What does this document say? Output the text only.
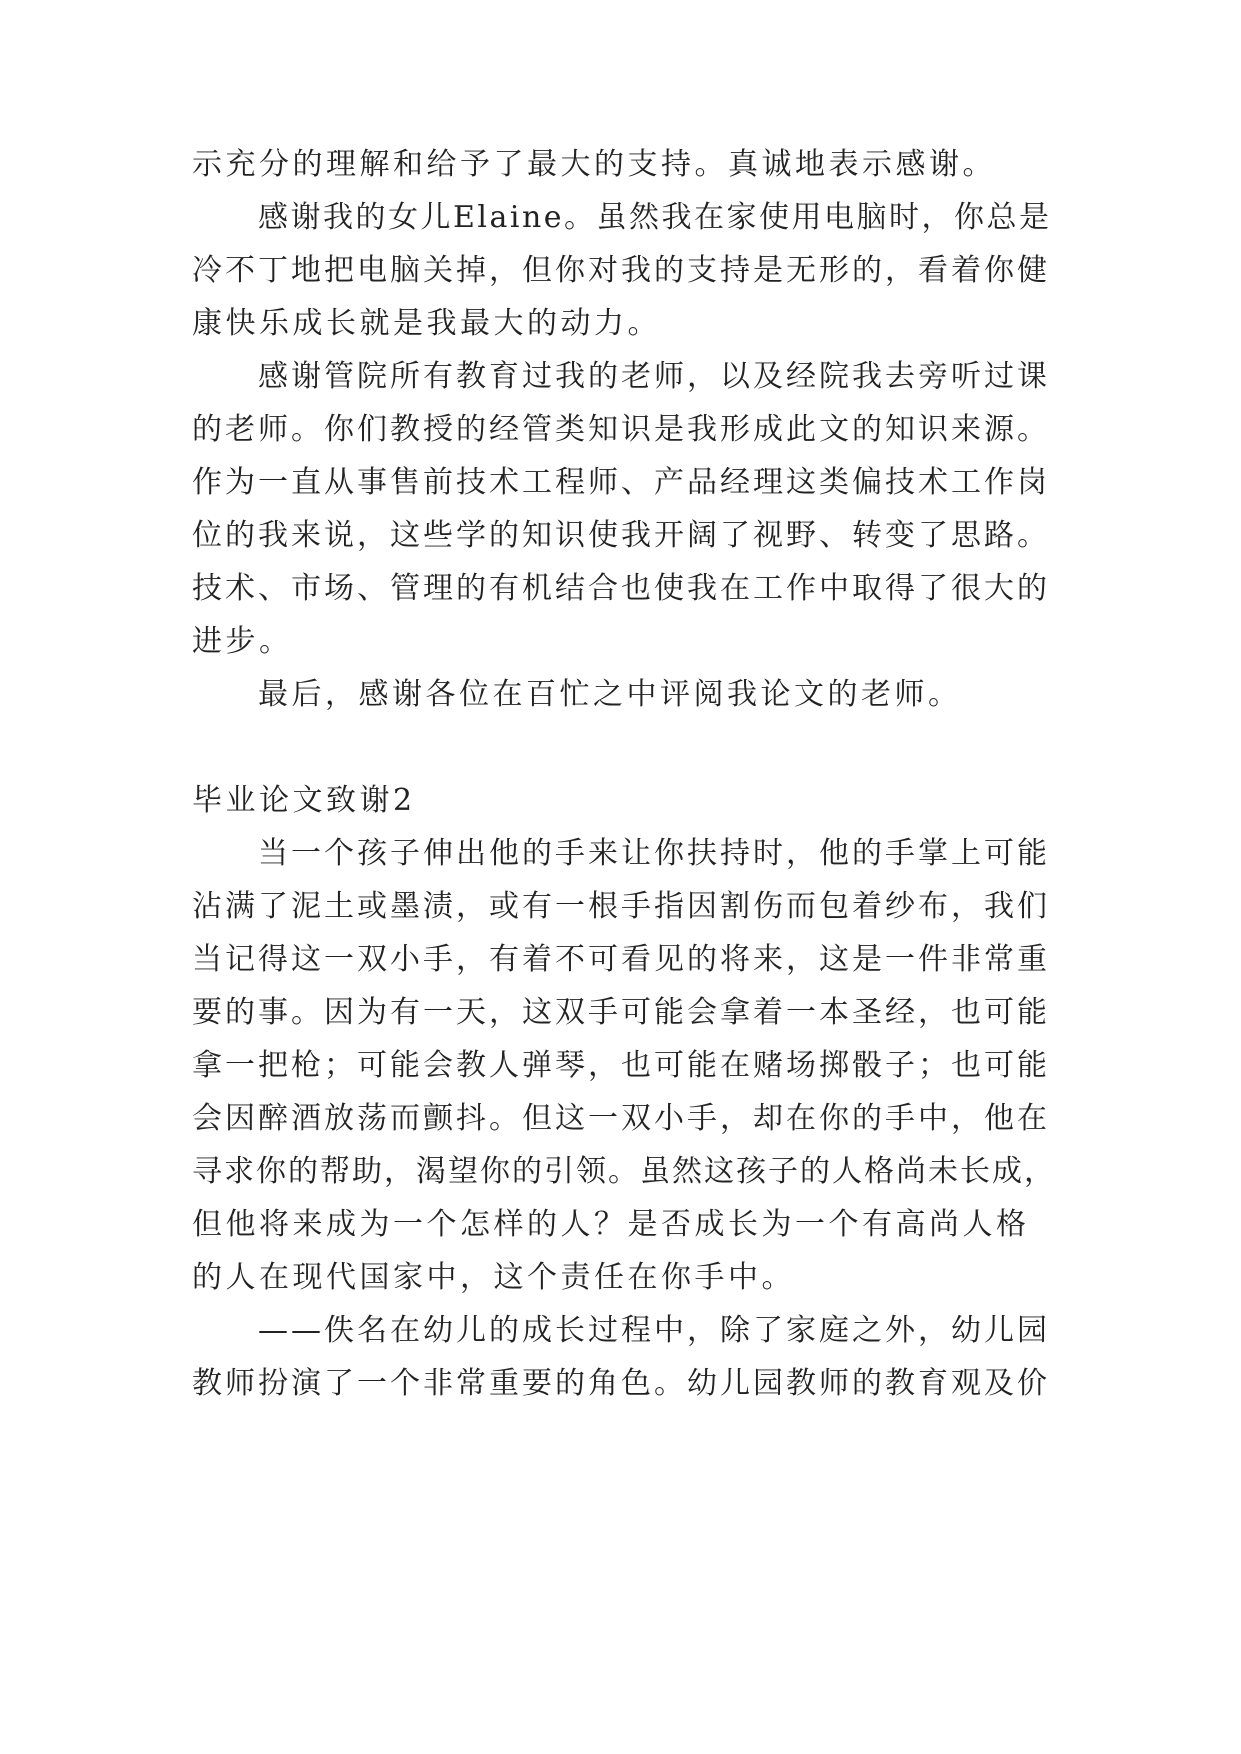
示充分的理解和给予了最大的支持。真诚地表示感谢。

感谢我的女儿Elaine。虽然我在家使用电脑时，你总是

冷不丁地把电脑关掉，但你对我的支持是无形的，看着你健

康快乐成长就是我最大的动力。

感谢管院所有教育过我的老师，以及经院我去旁听过课

的老师。你们教授的经管类知识是我形成此文的知识来源。

作为一直从事售前技术工程师、产品经理这类偏技术工作岗

位的我来说，这些学的知识使我开阔了视野、转变了思路。

技术、市场、管理的有机结合也使我在工作中取得了很大的

进步。

最后，感谢各位在百忙之中评阅我论文的老师。

毕业论文致谢2

当一个孩子伸出他的手来让你扶持时，他的手掌上可能

沾满了泥土或墨渍，或有一根手指因割伤而包着纱布，我们

当记得这一双小手，有着不可看见的将来，这是一件非常重

要的事。因为有一天，这双手可能会拿着一本圣经，也可能

拿一把枪；可能会教人弹琴，也可能在赌场掷骰子；也可能

会因醉酒放荡而颤抖。但这一双小手，却在你的手中，他在

寻求你的帮助，渴望你的引领。虽然这孩子的人格尚未长成，

但他将来成为一个怎样的人？是否成长为一个有高尚人格

的人在现代国家中，这个责任在你手中。

——佚名在幼儿的成长过程中，除了家庭之外，幼儿园

教师扮演了一个非常重要的角色。幼儿园教师的教育观及价
